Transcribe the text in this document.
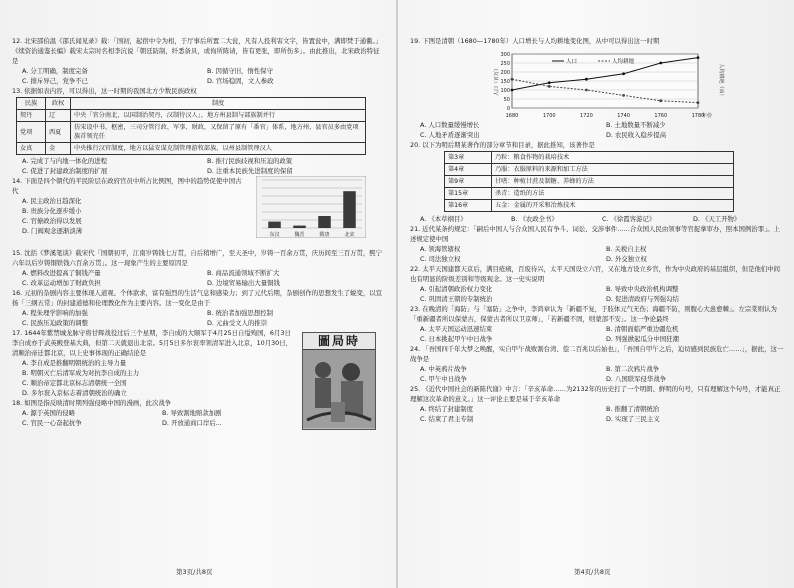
12. 北宋邵伯温《邵氏闻见录》载：「国初，起宿中令为相，于厅事后所置二大瓮，凡有人投利害文字，皆置瓮中，满即焚于通衢。」《续资治通鉴长编》载宋太宗时名相李沆说「朝廷防制，纤悉备具，或徇所陈请，皆有更张，即所伤多」。由此推出，北宋政治特征是

A. 分工明确，制度完备	B. 因循守旧，惰性保守
C. 排斥异己，党争不已	D. 官场稳固，文人参政

13. 依据如表内容，可以得出，这一时期的我国北方少数民族政权

民族	政权	制度
契丹	辽	中央「官分南北，以国制治契丹，汉制待汉人」，地方州县制与部族制并行
党项	西夏	仿宋设中书、枢密，三司分管行政、军事、财政，又保留了原有「番官」体系，地方州、县官员多由党项族首领充任
女真	金	中央推行汉官制度，地方以猛安谋克制管理游牧部族，以州县制管理汉人
A. 完成了与内地一体化的进程	B. 推行民族歧视和压迫的政策
C. 促进了封建政治制度的扩展	D. 注重本民族先进制度的保留

14. 下面是四个朝代的平民阶层在政府官员中所占比例图，图中的趋势促使中国古代

A. 民主政治日趋深化
B. 贵族分化逐步缓小
C. 官僚政治得以发展
D. 门阀观念逐渐淡薄	东汉	魏晋	隋唐	北宋

15. 沈括《梦溪笔谈》载宋代「国朝初平，江南岁铸钱七万贯，自后稍增广，至天圣中，岁铸一百余万贯，庆历间至三百万贯，熙宁六年以后岁铸铜铁钱六百余万贯」。这一现象产生的主要原因是

A. 燃料改进提高了铜钱产量	B. 商品流通领域不断扩大
C. 改革运动增加了财政负担	D. 边境贸易输出大量铜钱

16. 元初的杂剧内容主要体现人道观、个体欲求，富有强烈的生活气息和感染力；到了元代后期，杂剧创作的思想发生了蜕变，以宣扬「三纲五常」的封建道德和伦理教化作为主要内容。这一变化是由于

A. 程朱理学影响的加强	B. 统治者加强思想控制
C. 民族压迫政策的调整	D. 元曲受文人的推崇

17. 1644年紫禁城龙脉守将甘辉战役过后三个星期，李自成的大顺军于4月25日自缢殉国，6月3日李自成亦于武英殿登基大典，但第二天就退出北京。5月5日多尔衮率领清军进入北京，10月30日，清顺治帝迁都北京，以上史事体现的正确结论是

A. 李自成是推翻明朝统治的主导力量
B. 明朝灭亡后清军成为对抗李自成的主力
C. 顺治帝定都北京标志清朝统一全国
D. 多尔衮入京标志着清朝统治的确立

18. 如图是指反映清时期列强侵略中国的漫画，此次战争

A. 源于英国的侵略	B. 导致割地赔款加剧
C. 官民一心奋起抗争	D. 开放通商口岸后...
圖局時
第3页/共8页

19. 下图是清朝（1680—1780年）人口增长与人均耕地变化图，从中可以得出这一时期

0
50
100
150
200
250
300
1680	1700	1720	1740	1760	1780
人口	人均耕地
年份
人口（百万）	人均耕地（亩）
A. 人口数量缓慢增长	B. 土地数量不断减少
C. 人地矛盾逐渐突出	D. 农民收入稳步提高

20. 以下为明后期某著作的部分章节和目录，据此推知，该著作是

第3章	乃粒：粮食作物的栽培技术
第4章	乃服：衣服原料的来源和加工方法
第9章	甘嗜：种植甘蔗及制糖、养蜂的方法
第15章	杀青：造纸的方法
第16章	五金：金属的开采和冶炼技术
A. 《本草纲目》	B. 《农政全书》	C. 《徐霞客游记》	D. 《天工开物》

21. 近代某条约规定：「嗣后中国人与合众国人民有争斗、词讼、交涉事件……合众国人民由领事等官捉拿审办，照本国例治罪」。上述规定使中国

A. 领海管辖权	B. 关税自主权
C. 司法独立权	D. 外交独立权

22. 太平天国建都天京后，满目疮痍，百废待兴，太平天国设立六官，又在地方设立乡官，作为中央政府的基层组织，但是他们中间也有明显的阶级差别和等级观念。这一史实说明

A. 引起清朝政治权力变化	B. 导致中央政治机构调整
C. 巩固清王朝的专制统治	D. 促进清政府与列强勾结

23. 在晚清的「海防」与「塞防」之争中，李鸿章认为「新疆不复，于肢体元气无伤；海疆不防，则腹心大患愈棘」。左宗棠则认为「重新疆者所以保蒙古，保蒙古者所以卫京师」，「若新疆不固，则蒙部不安」。这一争论最终

A. 太平天国运动迅速结束	B. 清朝面临严重边疆危机
C. 日本挑起甲午中日战争	D. 列强掀起瓜分中国狂潮

24. 「吾国四千年大梦之唤醒，实自甲午战败割台湾、偿二百兆以后始也」，「吾国自甲午之后，迫切感到民族危亡……」，据此，这一战争是

A. 中英鸦片战争	B. 第二次鸦片战争
C. 甲午中日战争	D. 八国联军侵华战争

25. 《近代中国社会的新陈代谢》中言：「辛亥革命……为2132年的历史打了一个明朗、鲜明的句号，只有理解这个句号，才能真正理解这次革命的意义。」这一评论主要是基于辛亥革命

A. 终结了封建制度	B. 推翻了清朝统治
C. 结束了君主专制	D. 实现了三民主义
第4页/共8页
